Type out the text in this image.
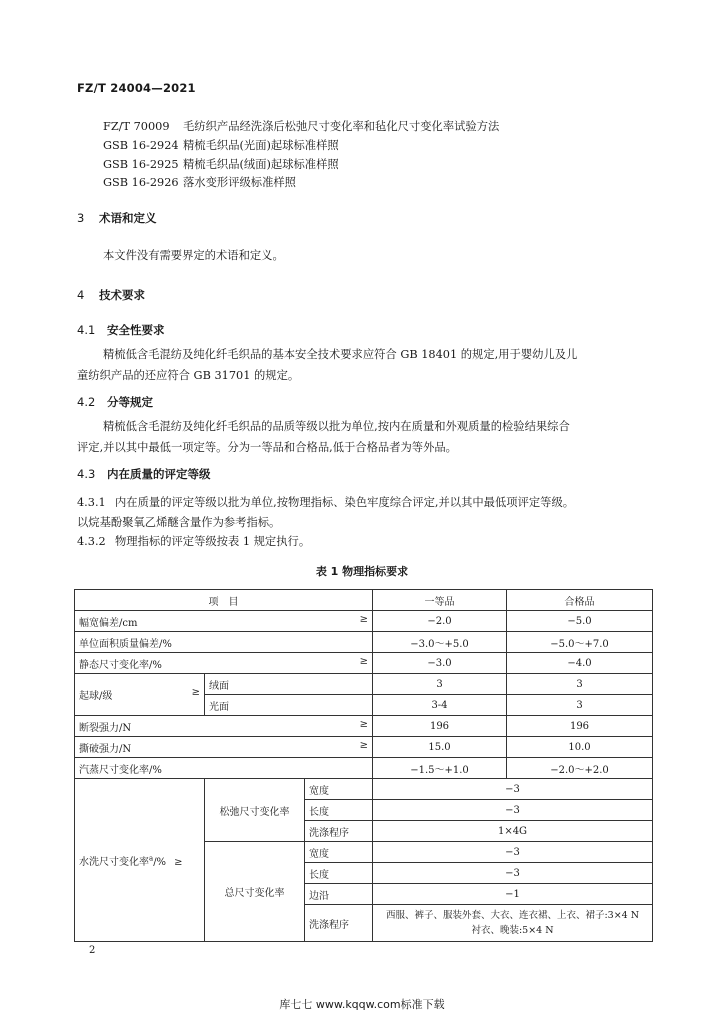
FZ/T 24004—2021
FZ/T 70009 毛纺织产品经洗涤后松弛尺寸变化率和毡化尺寸变化率试验方法
GSB 16-2924 精梳毛织品(光面)起球标准样照
GSB 16-2925 精梳毛织品(绒面)起球标准样照
GSB 16-2926 落水变形评级标准样照
3 术语和定义
本文件没有需要界定的术语和定义。
4 技术要求
4.1 安全性要求
精梳低含毛混纺及纯化纤毛织品的基本安全技术要求应符合 GB 18401 的规定,用于婴幼儿及儿
童纺织产品的还应符合 GB 31701 的规定。
4.2 分等规定
精梳低含毛混纺及纯化纤毛织品的品质等级以批为单位,按内在质量和外观质量的检验结果综合
评定,并以其中最低一项定等。分为一等品和合格品,低于合格品者为等外品。
4.3 内在质量的评定等级
4.3.1 内在质量的评定等级以批为单位,按物理指标、染色牢度综合评定,并以其中最低项评定等级。
以烷基酚聚氧乙烯醚含量作为参考指标。
4.3.2 物理指标的评定等级按表 1 规定执行。
表 1 物理指标要求
项　目			一等品	合格品
幅宽偏差/cm ≥			−2.0	−5.0
单位面积质量偏差/%			−3.0～+5.0	−5.0～+7.0
静态尺寸变化率/% ≥			−3.0	−4.0
起球/级 ≥	绒面		3	3
	光面		3-4	3
断裂强力/N ≥			196	196
撕破强力/N ≥			15.0	10.0
汽蒸尺寸变化率/%			−1.5～+1.0	−2.0～+2.0
水洗尺寸变化率$^a$/% ≥	松弛尺寸变化率	宽度	−3	
		长度	−3	
		洗涤程序	1×4G	
	总尺寸变化率	宽度	−3	
		长度	−3	
		边沿	−1	
		洗涤程序	西服、裤子、服装外套、大衣、连衣裙、上衣、裙子:3×4 N
衬衣、晚装:5×4 N	
2
库七七 www.kqqw.com标准下载
